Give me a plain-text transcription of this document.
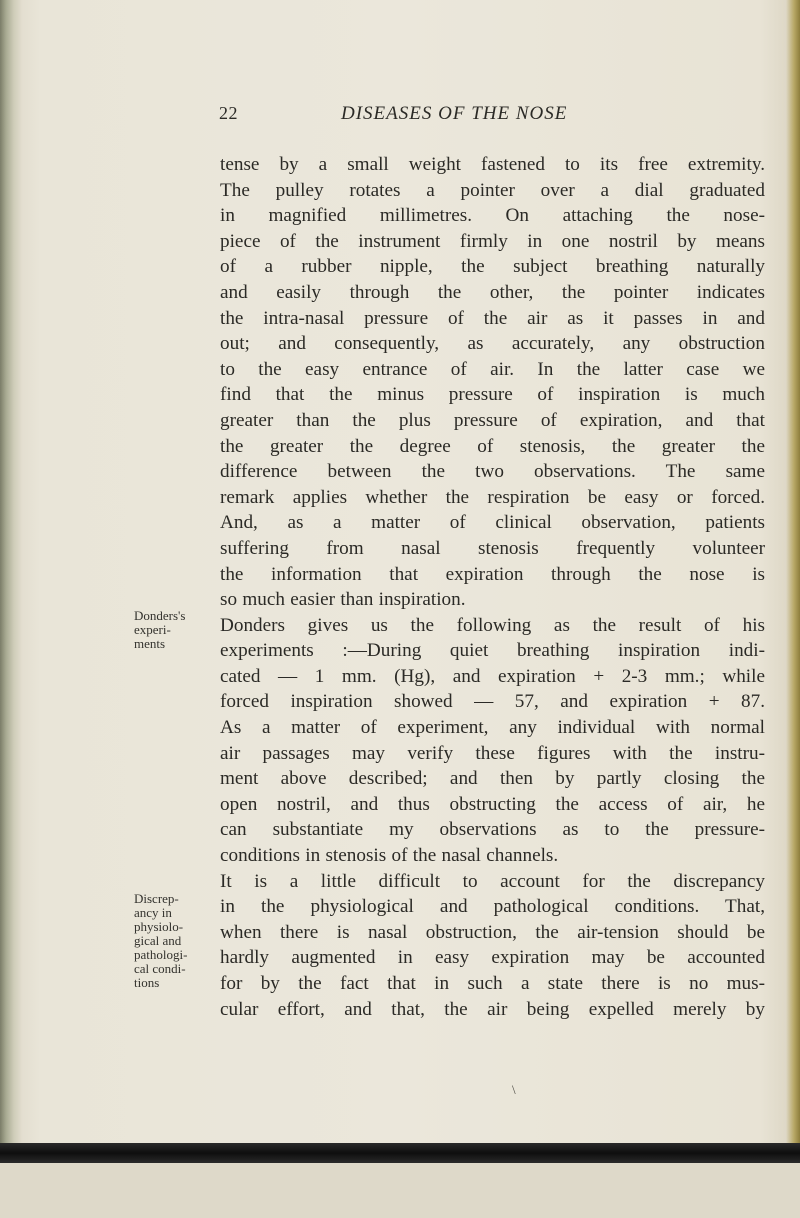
22	DISEASES OF THE NOSE
tense by a small weight fastened to its free extremity.
The pulley rotates a pointer over a dial graduated
in magnified millimetres. On attaching the nose-
piece of the instrument firmly in one nostril by means
of a rubber nipple, the subject breathing naturally
and easily through the other, the pointer indicates
the intra-nasal pressure of the air as it passes in and
out; and consequently, as accurately, any obstruction
to the easy entrance of air. In the latter case we
find that the minus pressure of inspiration is much
greater than the plus pressure of expiration, and that
the greater the degree of stenosis, the greater the
difference between the two observations. The same
remark applies whether the respiration be easy or forced.
And, as a matter of clinical observation, patients
suffering from nasal stenosis frequently volunteer
the information that expiration through the nose is
so much easier than inspiration.
Donders gives us the following as the result of his
experiments :—During quiet breathing inspiration indi-
cated — 1 mm. (Hg), and expiration + 2-3 mm.; while
forced inspiration showed — 57, and expiration + 87.
As a matter of experiment, any individual with normal
air passages may verify these figures with the instru-
ment above described; and then by partly closing the
open nostril, and thus obstructing the access of air, he
can substantiate my observations as to the pressure-
conditions in stenosis of the nasal channels.
It is a little difficult to account for the discrepancy
in the physiological and pathological conditions. That,
when there is nasal obstruction, the air-tension should be
hardly augmented in easy expiration may be accounted
for by the fact that in such a state there is no mus-
cular effort, and that, the air being expelled merely by
Donders's
experi-
ments
Discrep-
ancy in
physiolo-
gical and
pathologi-
cal condi-
tions
\
